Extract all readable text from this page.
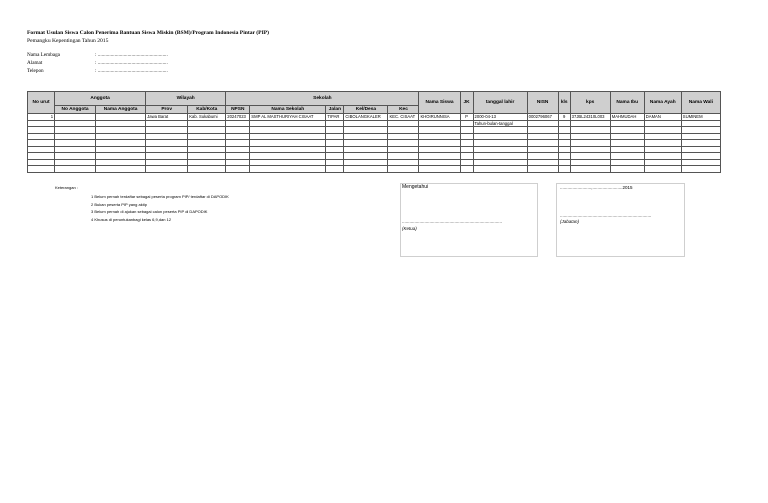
Format Usulan Siswa Calon Penerima Bantuan Siswa Miskin (BSM)/Program Indonesia Pintar (PIP)
Pemangku Kepentingan Tahun 2015
Nama Lembaga	: ......................................................
Alamat	: ......................................................
Telepon	: ......................................................
No urut	Anggota		Wilayah		Sekolah					Nama Siswa	JK	tanggal lahir	NISN	kls	kps	Nama Ibu	Nama Ayah	Nama Wali
	No Anggota	Nama Anggota	Prov	Kab/Kota	NPSN	Nama Sekolah	Jalan	Kel/Desa	Kec									
1			Jawa Barat	Kab. Sukabumi	20247023	SMP AL MASTHURIYAH CISAAT	TIPAR	CIBOLANGKALER	KEC. CISAAT	KHOIRUNNISA	P	2000-04-13	0002796067	9	37JBL24310L003	MAHMUDAH	DAMAN	SUMINEM
												Tahun-bulan-tanggal						

Keterangan :
1 Belum pernah terdaftar sebagai peserta program PIP/ terdaftar di DAPODIK
2 Bukan peserta PIP yang aktip
3 Belum pernah di ajukan sebagai calon peserta PIP di DAPODIK
4 Khusus di peruntukanbagi kelas 6,9,dan 12
Mengetahui
................................................................................
(Ketua)
.........................,........................2015
.........................................................................
(Jabatan)
